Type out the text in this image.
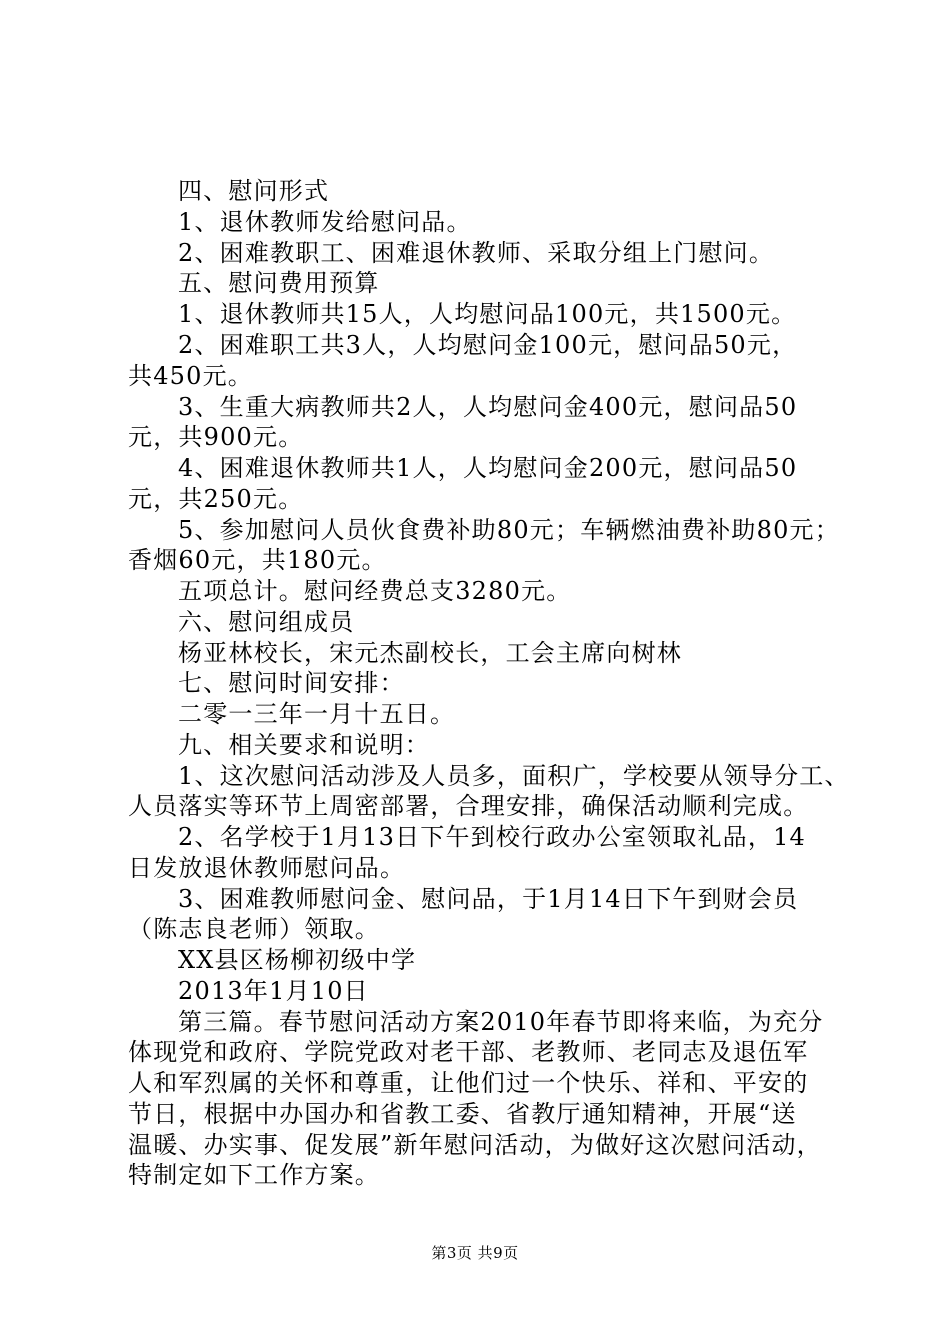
四、慰问形式
1、退休教师发给慰问品。
2、困难教职工、困难退休教师、采取分组上门慰问。
五、慰问费用预算
1、退休教师共15人，人均慰问品100元，共1500元。
2、困难职工共3人，人均慰问金100元，慰问品50元，
共450元。
3、生重大病教师共2人，人均慰问金400元，慰问品50
元，共900元。
4、困难退休教师共1人，人均慰问金200元，慰问品50
元，共250元。
5、参加慰问人员伙食费补助80元；车辆燃油费补助80元；
香烟60元，共180元。
五项总计。慰问经费总支3280元。
六、慰问组成员
杨亚林校长，宋元杰副校长，工会主席向树林
七、慰问时间安排：
二零一三年一月十五日。
九、相关要求和说明：
1、这次慰问活动涉及人员多，面积广，学校要从领导分工、
人员落实等环节上周密部署，合理安排，确保活动顺利完成。
2、名学校于1月13日下午到校行政办公室领取礼品，14
日发放退休教师慰问品。
3、困难教师慰问金、慰问品，于1月14日下午到财会员
（陈志良老师）领取。
XX县区杨柳初级中学
2013年1月10日
第三篇。春节慰问活动方案2010年春节即将来临，为充分
体现党和政府、学院党政对老干部、老教师、老同志及退伍军
人和军烈属的关怀和尊重，让他们过一个快乐、祥和、平安的
节日，根据中办国办和省教工委、省教厅通知精神，开展“送
温暖、办实事、促发展”新年慰问活动，为做好这次慰问活动，
特制定如下工作方案。
第3页 共9页
